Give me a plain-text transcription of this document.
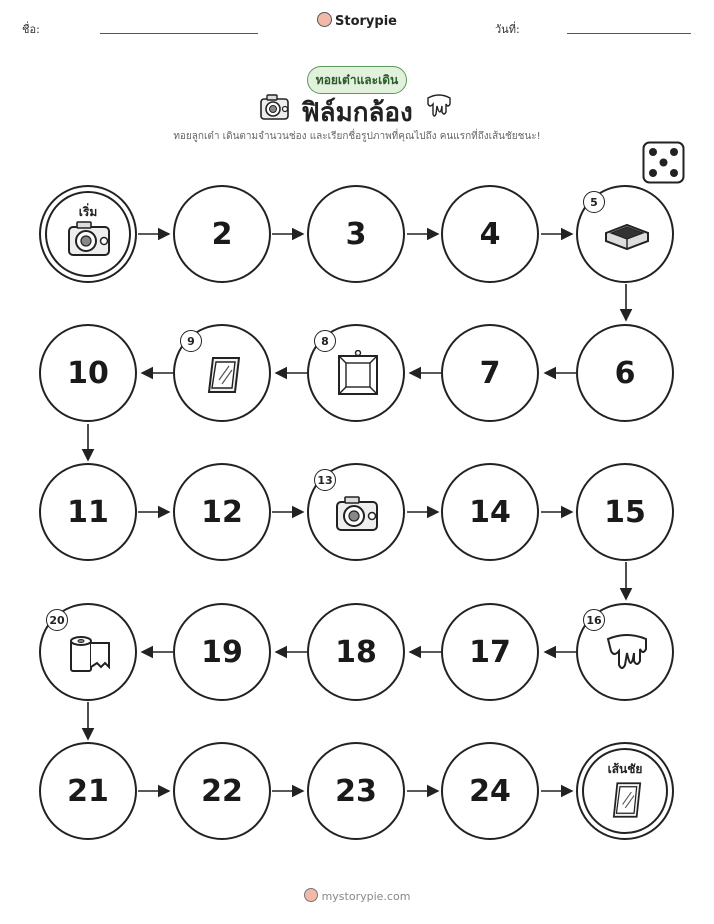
ชื่อ:
Storypie
วันที่:
ทอยเต๋าและเดิน
ฟิล์มกล้อง
ทอยลูกเต๋า เดินตามจำนวนช่อง และเรียกชื่อรูปภาพที่คุณไปถึง คนแรกที่ถึงเส้นชัยชนะ!
เริ่ม
2	3	4
5
10
9	8
7	6
11	12
13
14	15
20
19	18	17
16
21	22	23	24
เส้นชัย
mystorypie.com
